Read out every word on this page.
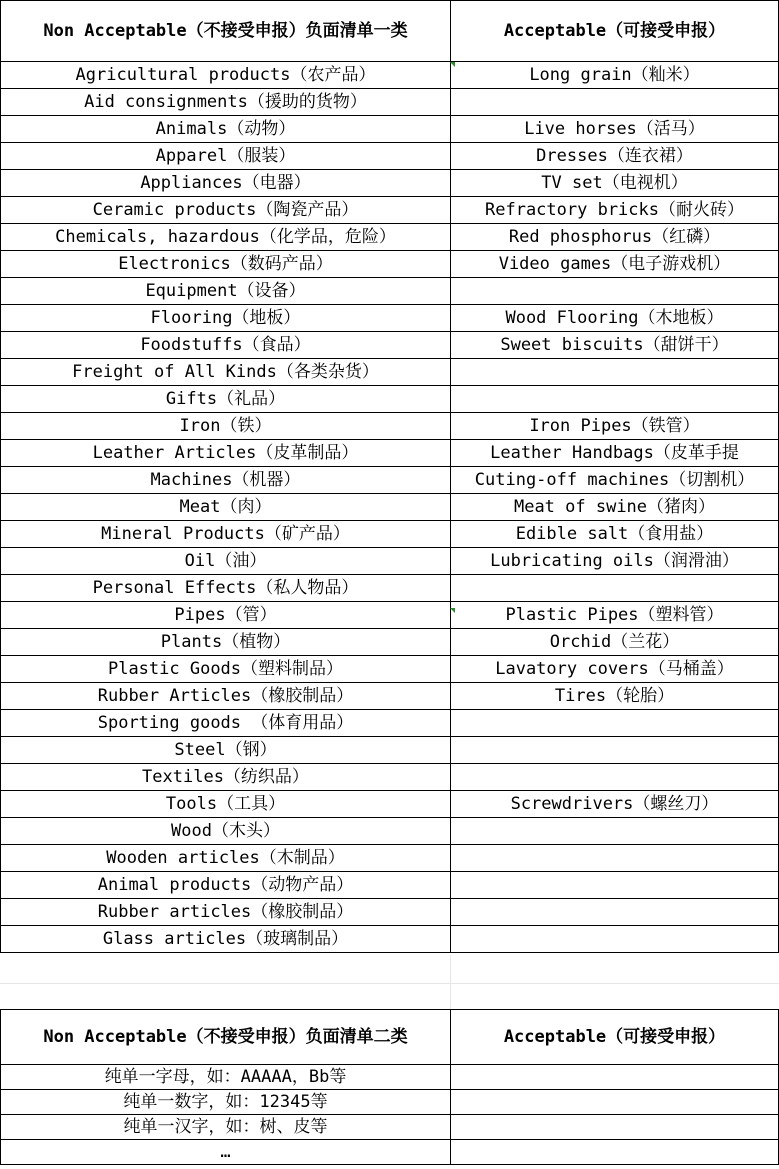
Non Acceptable（不接受申报）负面清单一类	Acceptable（可接受申报）
Agricultural products（农产品）	Long grain（籼米）
Aid consignments（援助的货物）	
Animals（动物）	Live horses（活马）
Apparel（服装）	Dresses（连衣裙）
Appliances（电器）	TV set（电视机）
Ceramic products（陶瓷产品）	Refractory bricks（耐火砖）
Chemicals, hazardous（化学品，危险）	Red phosphorus（红磷）
Electronics（数码产品）	Video games（电子游戏机）
Equipment（设备）	
Flooring（地板）	Wood Flooring（木地板）
Foodstuffs（食品）	Sweet biscuits（甜饼干）
Freight of All Kinds（各类杂货）	
Gifts（礼品）	
Iron（铁）	Iron Pipes（铁管）
Leather Articles（皮革制品）	Leather Handbags（皮革手提
Machines（机器）	Cuting-off machines（切割机）
Meat（肉）	Meat of swine（猪肉）
Mineral Products（矿产品）	Edible salt（食用盐）
Oil（油）	Lubricating oils（润滑油）
Personal Effects（私人物品）	
Pipes（管）	Plastic Pipes（塑料管）
Plants（植物）	Orchid（兰花）
Plastic Goods（塑料制品）	Lavatory covers（马桶盖）
Rubber Articles（橡胶制品）	Tires（轮胎）
Sporting goods （体育用品）	
Steel（钢）	
Textiles（纺织品）	
Tools（工具）	Screwdrivers（螺丝刀）
Wood（木头）	
Wooden articles（木制品）	
Animal products（动物产品）	
Rubber articles（橡胶制品）	
Glass articles（玻璃制品）	
Non Acceptable（不接受申报）负面清单二类	Acceptable（可接受申报）
纯单一字母，如：AAAAA，Bb等	
纯单一数字，如：12345等	
纯单一汉字，如：树、皮等	
…	
